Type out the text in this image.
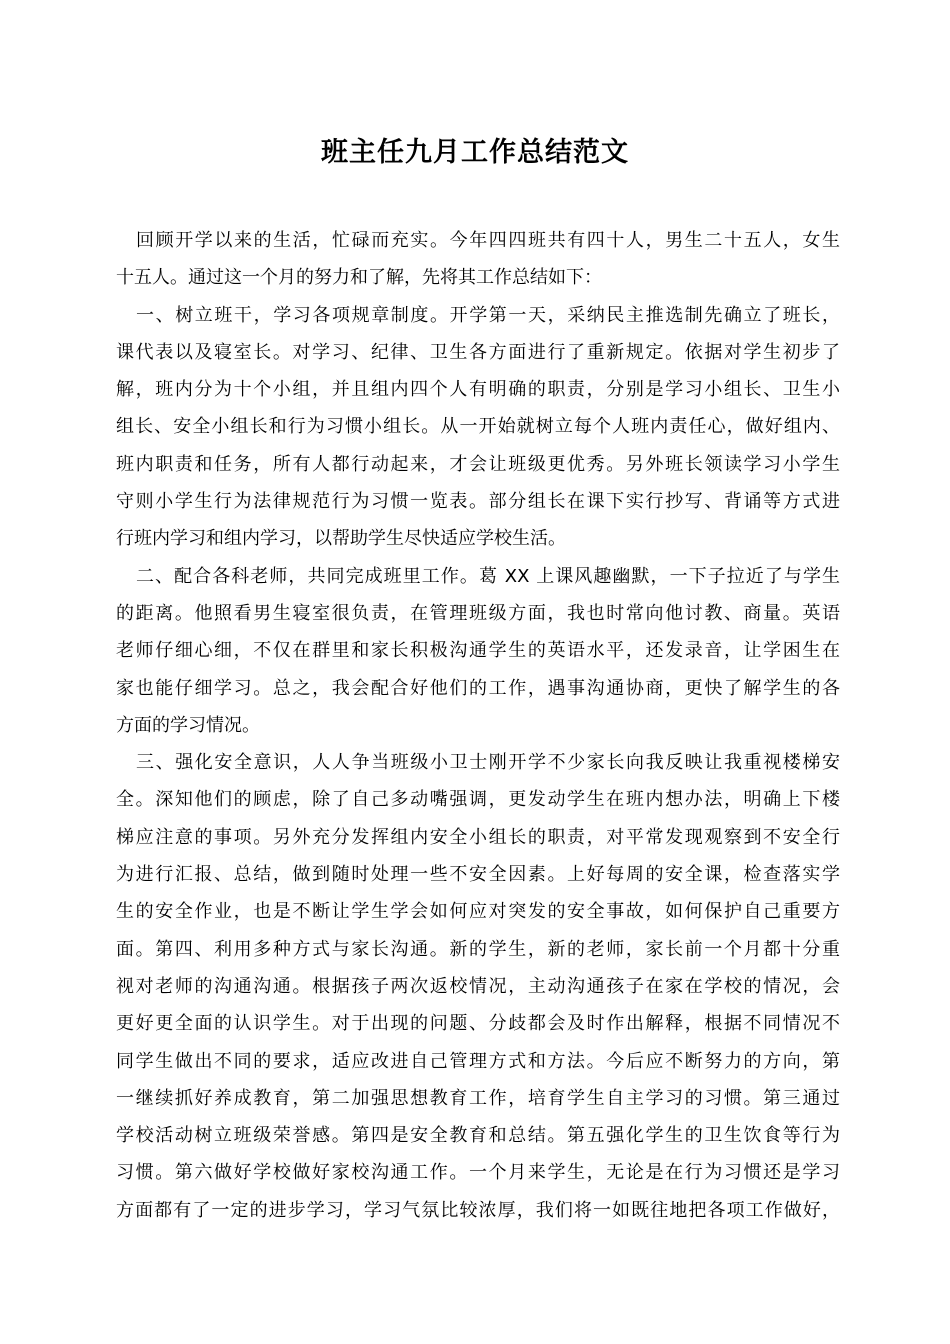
班主任九月工作总结范文
回顾开学以来的生活，忙碌而充实。今年四四班共有四十人，男生二十五人，女生
十五人。通过这一个月的努力和了解，先将其工作总结如下：
一、树立班干，学习各项规章制度。开学第一天，采纳民主推选制先确立了班长，
课代表以及寝室长。对学习、纪律、卫生各方面进行了重新规定。依据对学生初步了
解，班内分为十个小组，并且组内四个人有明确的职责，分别是学习小组长、卫生小
组长、安全小组长和行为习惯小组长。从一开始就树立每个人班内责任心，做好组内、
班内职责和任务，所有人都行动起来，才会让班级更优秀。另外班长领读学习小学生
守则小学生行为法律规范行为习惯一览表。部分组长在课下实行抄写、背诵等方式进
行班内学习和组内学习，以帮助学生尽快适应学校生活。
二、配合各科老师，共同完成班里工作。葛 XX 上课风趣幽默，一下子拉近了与学生
的距离。他照看男生寝室很负责，在管理班级方面，我也时常向他讨教、商量。英语
老师仔细心细，不仅在群里和家长积极沟通学生的英语水平，还发录音，让学困生在
家也能仔细学习。总之，我会配合好他们的工作，遇事沟通协商，更快了解学生的各
方面的学习情况。
三、强化安全意识，人人争当班级小卫士刚开学不少家长向我反映让我重视楼梯安
全。深知他们的顾虑，除了自己多动嘴强调，更发动学生在班内想办法，明确上下楼
梯应注意的事项。另外充分发挥组内安全小组长的职责，对平常发现观察到不安全行
为进行汇报、总结，做到随时处理一些不安全因素。上好每周的安全课，检查落实学
生的安全作业，也是不断让学生学会如何应对突发的安全事故，如何保护自己重要方
面。第四、利用多种方式与家长沟通。新的学生，新的老师，家长前一个月都十分重
视对老师的沟通沟通。根据孩子两次返校情况，主动沟通孩子在家在学校的情况，会
更好更全面的认识学生。对于出现的问题、分歧都会及时作出解释，根据不同情况不
同学生做出不同的要求，适应改进自己管理方式和方法。今后应不断努力的方向，第
一继续抓好养成教育，第二加强思想教育工作，培育学生自主学习的习惯。第三通过
学校活动树立班级荣誉感。第四是安全教育和总结。第五强化学生的卫生饮食等行为
习惯。第六做好学校做好家校沟通工作。一个月来学生，无论是在行为习惯还是学习
方面都有了一定的进步学习，学习气氛比较浓厚，我们将一如既往地把各项工作做好，
